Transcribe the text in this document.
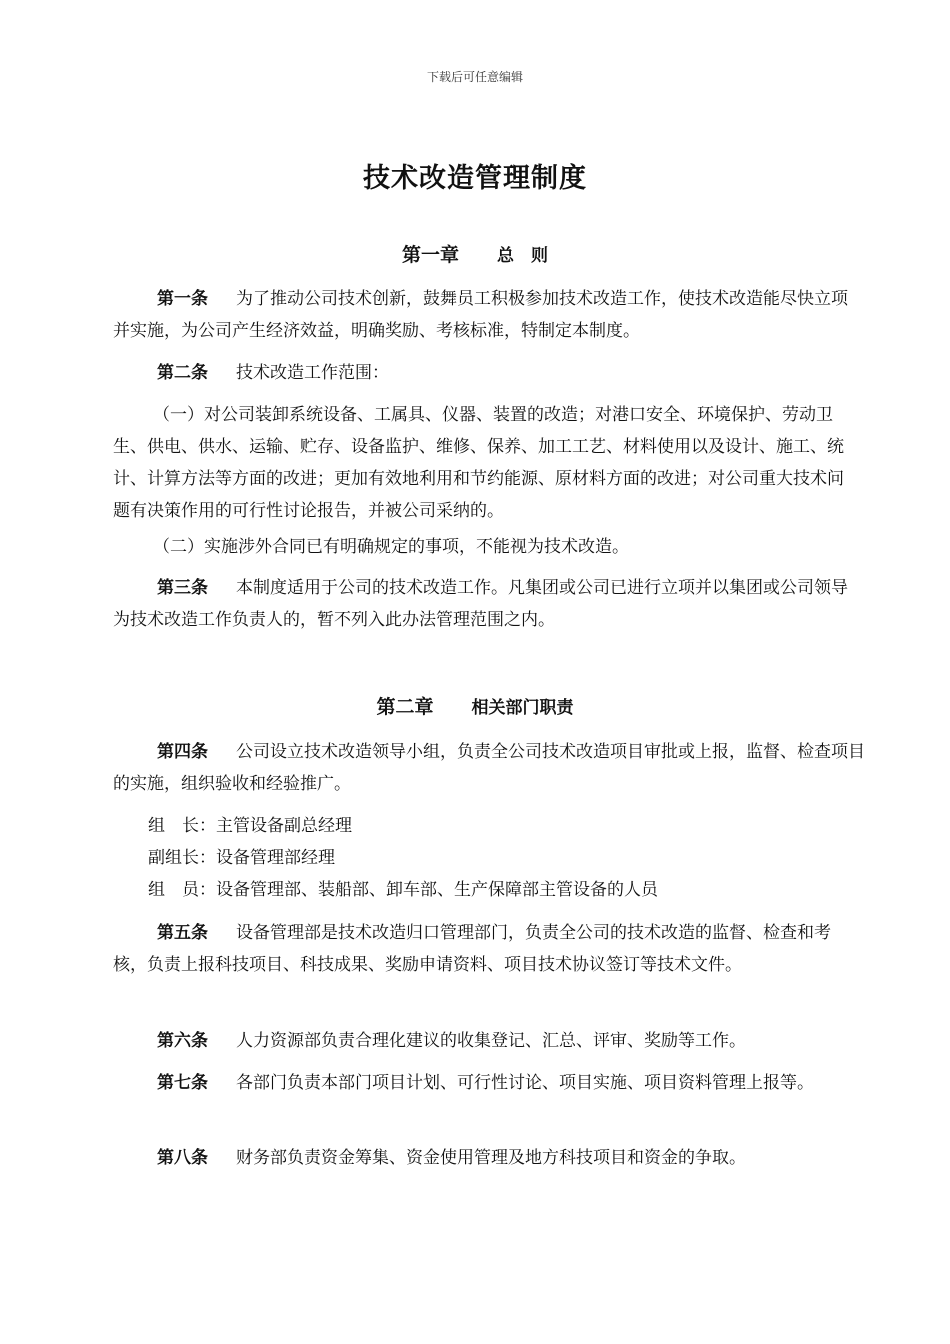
下载后可任意编辑
技术改造管理制度
第一章 总　则
第一条 为了推动公司技术创新，鼓舞员工积极参加技术改造工作，使技术改造能尽快立项并实施，为公司产生经济效益，明确奖励、考核标准，特制定本制度。
第二条 技术改造工作范围：
（一）对公司装卸系统设备、工属具、仪器、装置的改造；对港口安全、环境保护、劳动卫生、供电、供水、运输、贮存、设备监护、维修、保养、加工工艺、材料使用以及设计、施工、统计、计算方法等方面的改进；更加有效地利用和节约能源、原材料方面的改进；对公司重大技术问题有决策作用的可行性讨论报告，并被公司采纳的。
（二）实施涉外合同已有明确规定的事项，不能视为技术改造。
第三条 本制度适用于公司的技术改造工作。凡集团或公司已进行立项并以集团或公司领导为技术改造工作负责人的，暂不列入此办法管理范围之内。
第二章 相关部门职责
第四条 公司设立技术改造领导小组，负责全公司技术改造项目审批或上报，监督、检查项目的实施，组织验收和经验推广。
组　长：主管设备副总经理
副组长：设备管理部经理
组　员：设备管理部、装船部、卸车部、生产保障部主管设备的人员
第五条 设备管理部是技术改造归口管理部门，负责全公司的技术改造的监督、检查和考核，负责上报科技项目、科技成果、奖励申请资料、项目技术协议签订等技术文件。
第六条 人力资源部负责合理化建议的收集登记、汇总、评审、奖励等工作。
第七条 各部门负责本部门项目计划、可行性讨论、项目实施、项目资料管理上报等。
第八条 财务部负责资金筹集、资金使用管理及地方科技项目和资金的争取。
